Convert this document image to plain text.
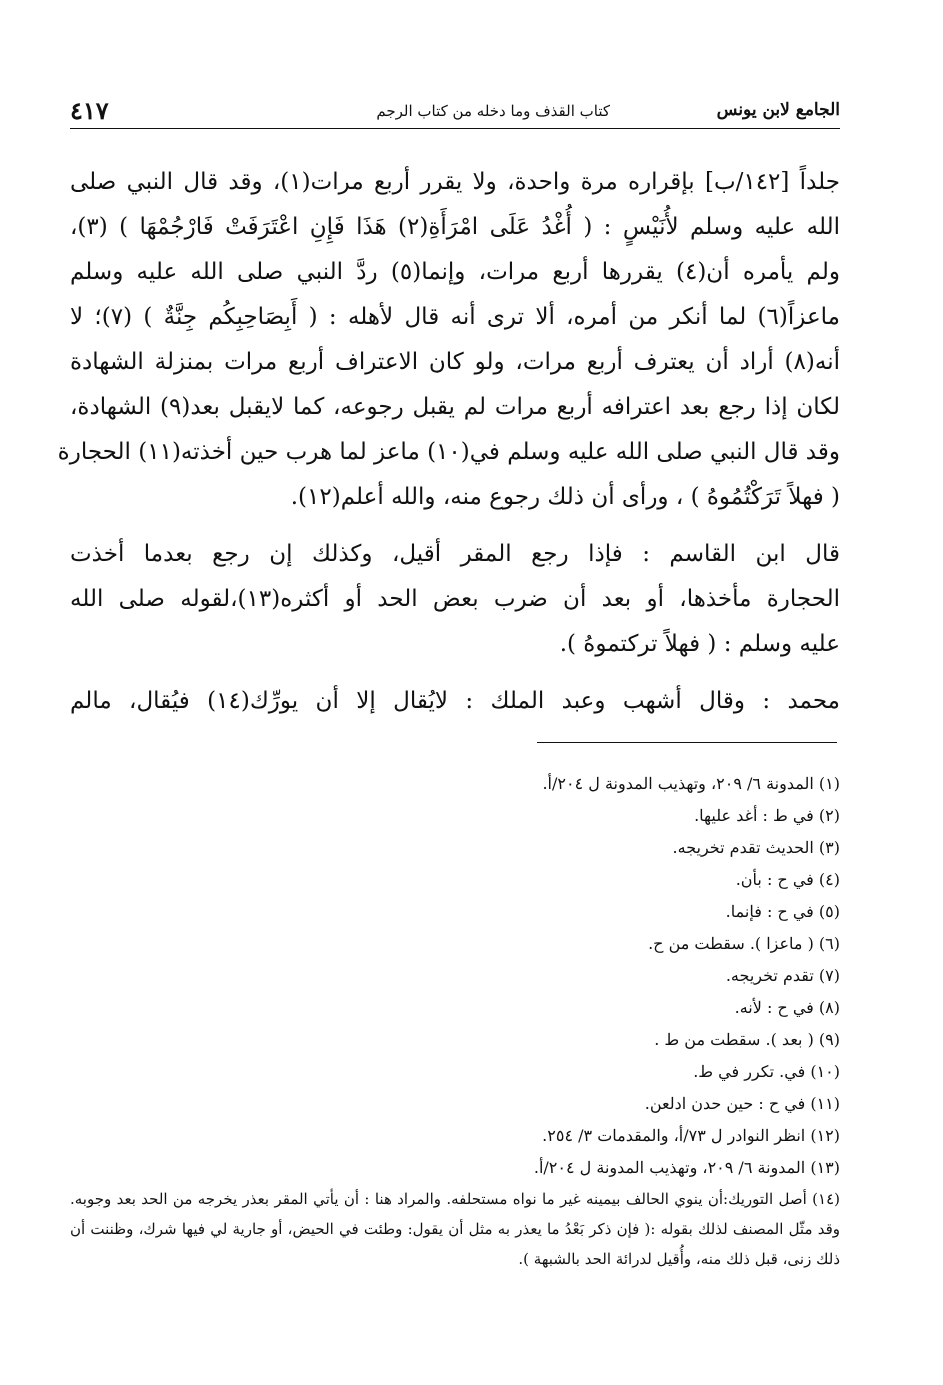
الجامع لابن يونس
كتاب القذف وما دخله من كتاب الرجم
٤١٧

جلداً [١٤٢/ب] بإقراره مرة واحدة، ولا يقرر أربع مرات(١)، وقد قال النبي صلى
الله عليه وسلم لأُنَيْسٍ : ( أُغْدُ عَلَى امْرَأَةِ(٢) هَذَا فَإِنِ اعْتَرَفَتْ فَارْجُمْهَا ) (٣)،
ولم يأمره أن(٤) يقررها أربع مرات، وإنما(٥) ردَّ النبي صلى الله عليه وسلم
ماعزاً(٦) لما أنكر من أمره، ألا ترى أنه قال لأهله : ( أَبِصَاحِبِكُم جِنَّةٌ ) (٧)؛ لا
أنه(٨) أراد أن يعترف أربع مرات، ولو كان الاعتراف أربع مرات بمنزلة الشهادة
لكان إذا رجع بعد اعترافه أربع مرات لم يقبل رجوعه، كما لايقبل بعد(٩) الشهادة،
وقد قال النبي صلى الله عليه وسلم في(١٠) ماعز لما هرب حين أخذته(١١) الحجارة
( فهلاً تَرَكْتُمُوهُ ) ، ورأى أن ذلك رجوع منه، والله أعلم(١٢).

قال ابن القاسم : فإذا رجع المقر أقيل، وكذلك إن رجع بعدما أخذت
الحجارة مأخذها، أو بعد أن ضرب بعض الحد أو أكثره(١٣)،لقوله صلى الله
عليه وسلم : ( فهلاً تركتموهُ ).

محمد : وقال أشهب وعبد الملك : لايُقال إلا أن يورِّك(١٤) فيُقال، مالم

(١) المدونة ٦/ ٢٠٩، وتهذيب المدونة ل ٢٠٤/أ.
(٢) في ط : أغد عليها.
(٣) الحديث تقدم تخريجه.
(٤) في ح : بأن.
(٥) في ح : فإنما.
(٦) ( ماعزا ). سقطت من ح.
(٧) تقدم تخريجه.
(٨) في ح : لأنه.
(٩) ( بعد ). سقطت من ط .
(١٠) في. تكرر في ط.
(١١) في ح : حين حدن ادلعن.
(١٢) انظر النوادر ل ٧٣/أ، والمقدمات ٣/ ٢٥٤.
(١٣) المدونة ٦/ ٢٠٩، وتهذيب المدونة ل ٢٠٤/أ.
(١٤) أصل التوريك:أن ينوي الحالف بيمينه غير ما نواه مستحلفه. والمراد هنا : أن يأتي المقر بعذر يخرجه من الحد بعد وجوبه. وقد مثّل المصنف لذلك بقوله :( فإن ذكر بَعْدُ ما يعذر به مثل أن يقول: وطئت في الحيض، أو جارية لي فيها شرك، وظننت أن ذلك زنى، قبل ذلك منه، وأُقيل لدرائة الحد بالشبهة ).
